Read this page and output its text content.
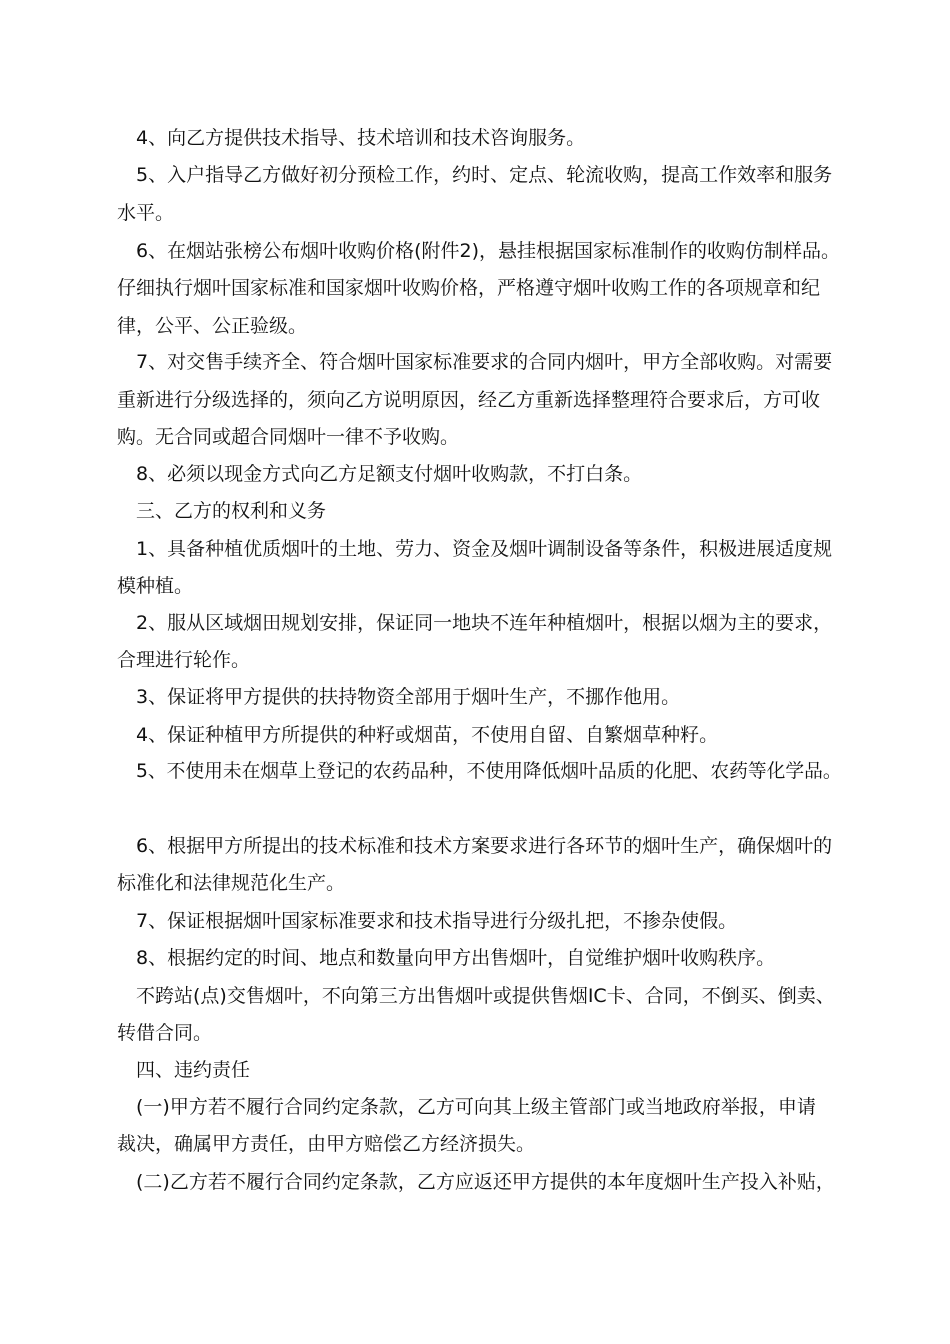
4、向乙方提供技术指导、技术培训和技术咨询服务。
5、入户指导乙方做好初分预检工作，约时、定点、轮流收购，提高工作效率和服务
水平。
6、在烟站张榜公布烟叶收购价格(附件2)，悬挂根据国家标准制作的收购仿制样品。
仔细执行烟叶国家标准和国家烟叶收购价格，严格遵守烟叶收购工作的各项规章和纪
律，公平、公正验级。
7、对交售手续齐全、符合烟叶国家标准要求的合同内烟叶，甲方全部收购。对需要
重新进行分级选择的，须向乙方说明原因，经乙方重新选择整理符合要求后，方可收
购。无合同或超合同烟叶一律不予收购。
8、必须以现金方式向乙方足额支付烟叶收购款，不打白条。
三、乙方的权利和义务
1、具备种植优质烟叶的土地、劳力、资金及烟叶调制设备等条件，积极进展适度规
模种植。
2、服从区域烟田规划安排，保证同一地块不连年种植烟叶，根据以烟为主的要求，
合理进行轮作。
3、保证将甲方提供的扶持物资全部用于烟叶生产，不挪作他用。
4、保证种植甲方所提供的种籽或烟苗，不使用自留、自繁烟草种籽。
5、不使用未在烟草上登记的农药品种，不使用降低烟叶品质的化肥、农药等化学品。
6、根据甲方所提出的技术标准和技术方案要求进行各环节的烟叶生产，确保烟叶的
标准化和法律规范化生产。
7、保证根据烟叶国家标准要求和技术指导进行分级扎把，不掺杂使假。
8、根据约定的时间、地点和数量向甲方出售烟叶，自觉维护烟叶收购秩序。
不跨站(点)交售烟叶，不向第三方出售烟叶或提供售烟IC卡、合同，不倒买、倒卖、
转借合同。
四、违约责任
(一)甲方若不履行合同约定条款，乙方可向其上级主管部门或当地政府举报，申请
裁决，确属甲方责任，由甲方赔偿乙方经济损失。
(二)乙方若不履行合同约定条款，乙方应返还甲方提供的本年度烟叶生产投入补贴，
